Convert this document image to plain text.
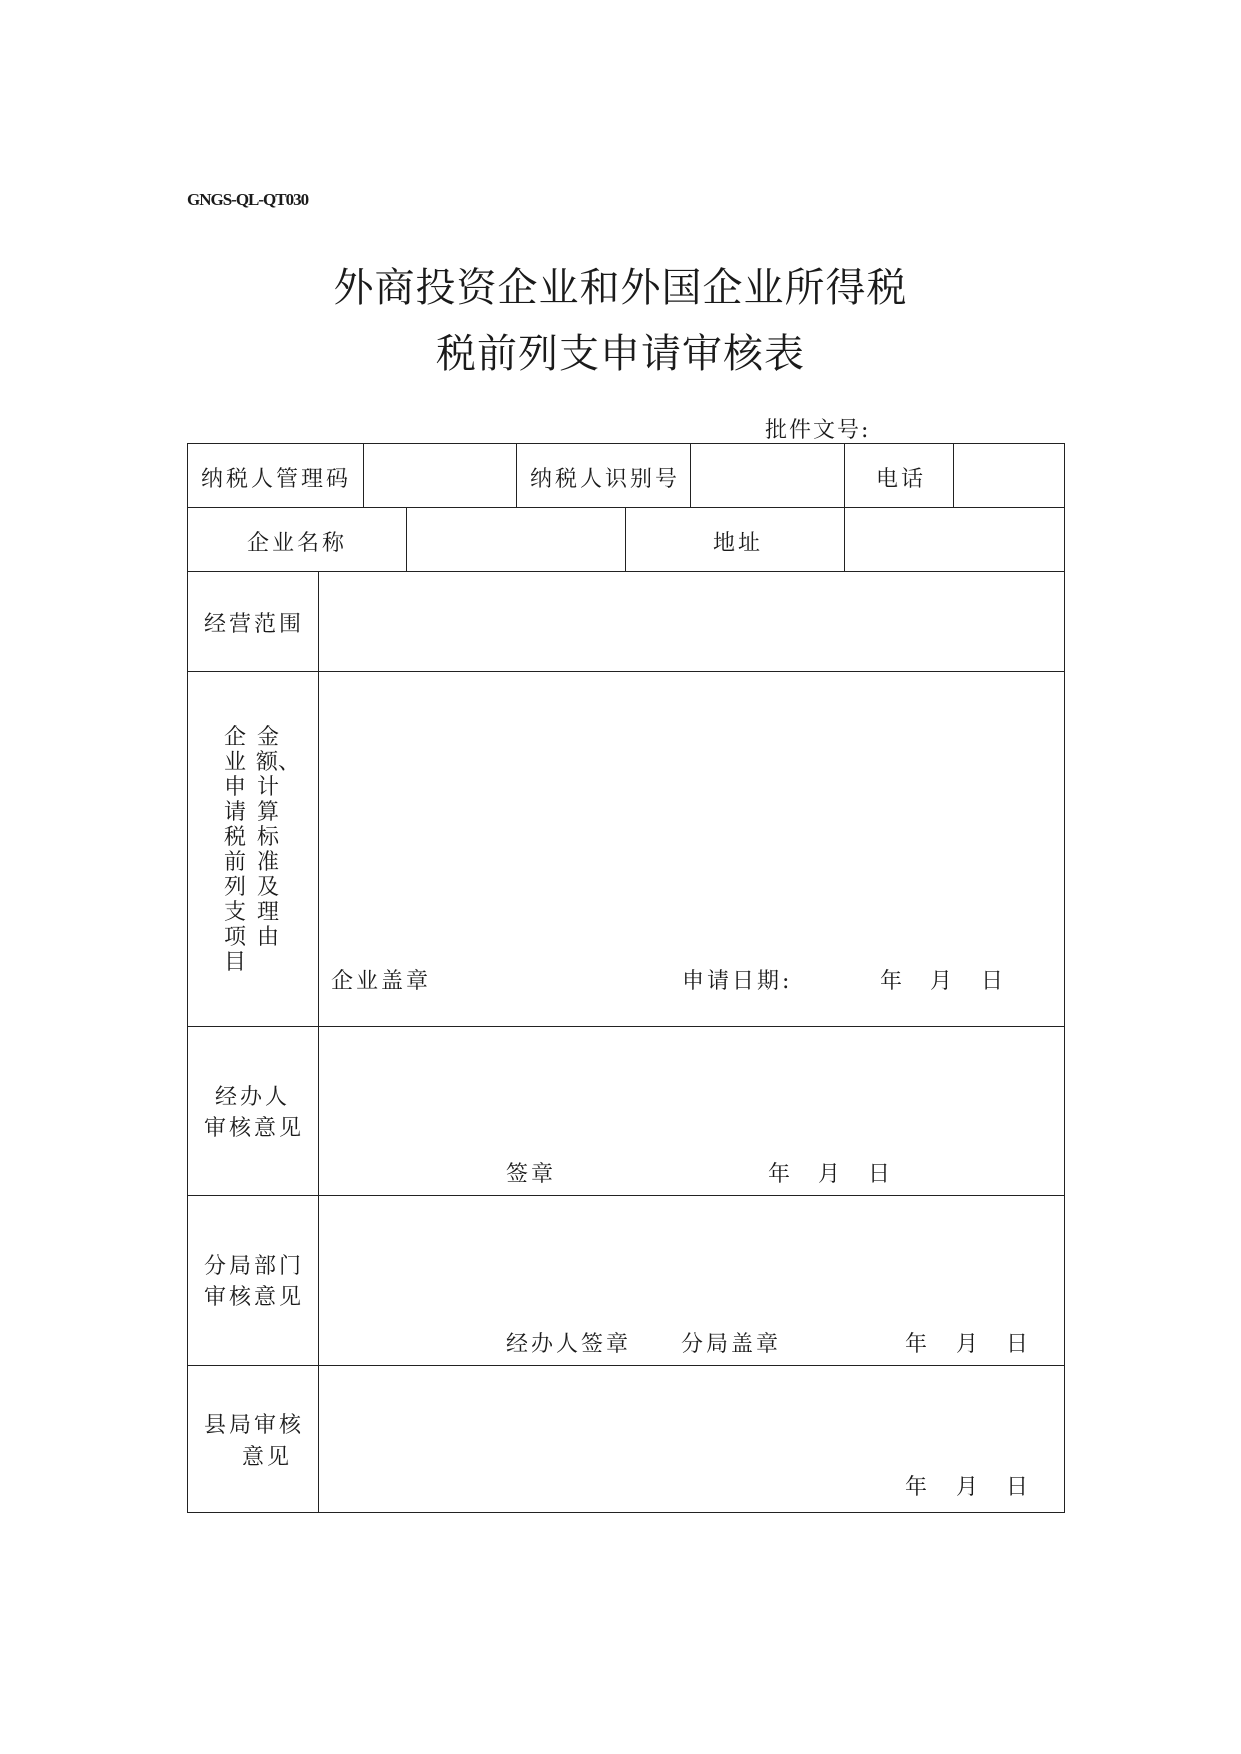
GNGS-QL-QT030
外商投资企业和外国企业所得税
税前列支申请审核表
批件文号:
纳税人管理码	纳税人识别号	电话
企业名称	地址
经营范围
企业申请税前列支项目
金额、计算标准及理由
企业盖章	申请日期:	年 月 日
经办人
审核意见
签章	年 月 日
分局部门
审核意见
经办人签章 分局盖章	年 月 日
县局审核
意见
年 月 日
